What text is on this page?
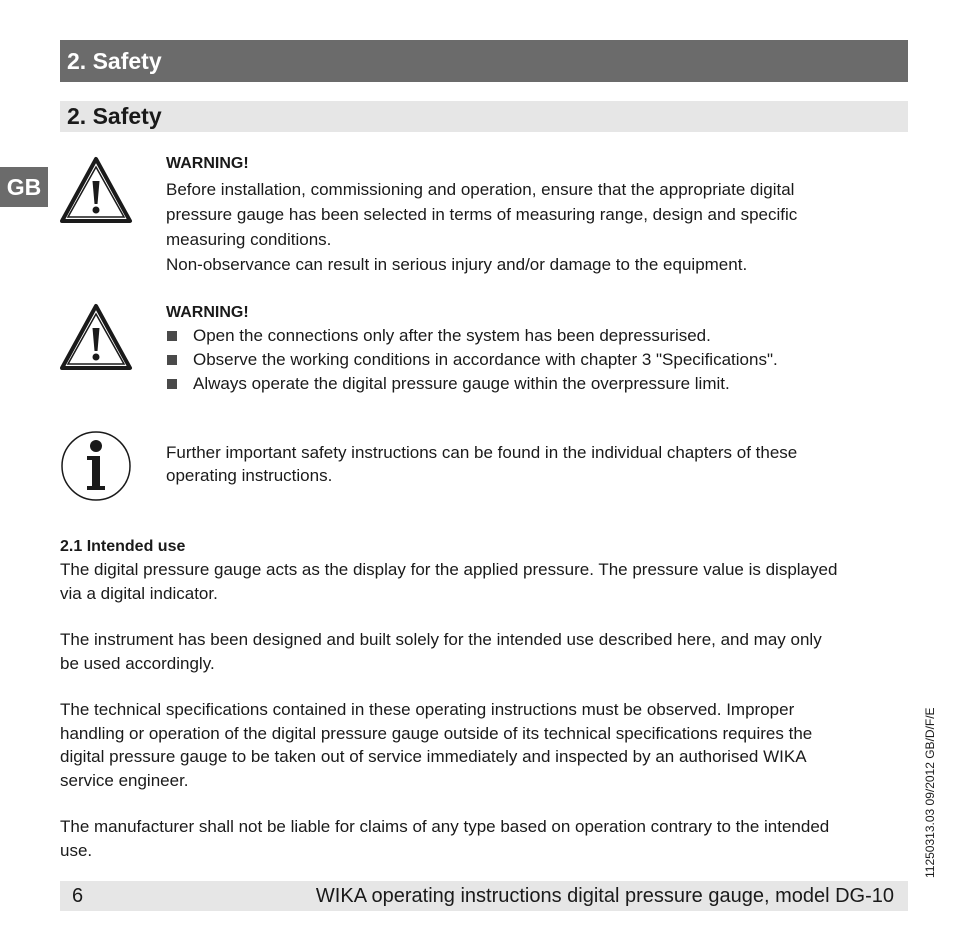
2. Safety
2. Safety
GB
WARNING!
Before installation, commissioning and operation, ensure that the appropriate digital
pressure gauge has been selected in terms of measuring range, design and specific
measuring conditions.
Non-observance can result in serious injury and/or damage to the equipment.
WARNING!
Open the connections only after the system has been depressurised.
Observe the working conditions in accordance with chapter 3 "Specifications".
Always operate the digital pressure gauge within the overpressure limit.
Further important safety instructions can be found in the individual chapters of these
operating instructions.
2.1 Intended use
The digital pressure gauge acts as the display for the applied pressure. The pressure value is displayed
via a digital indicator.
The instrument has been designed and built solely for the intended use described here, and may only
be used accordingly.
The technical specifications contained in these operating instructions must be observed. Improper
handling or operation of the digital pressure gauge outside of its technical specifications requires the
digital pressure gauge to be taken out of service immediately and inspected by an authorised WIKA
service engineer.
The manufacturer shall not be liable for claims of any type based on operation contrary to the intended
use.	11250313.03 09/2012 GB/D/F/E
6	WIKA operating instructions digital pressure gauge, model DG-10
